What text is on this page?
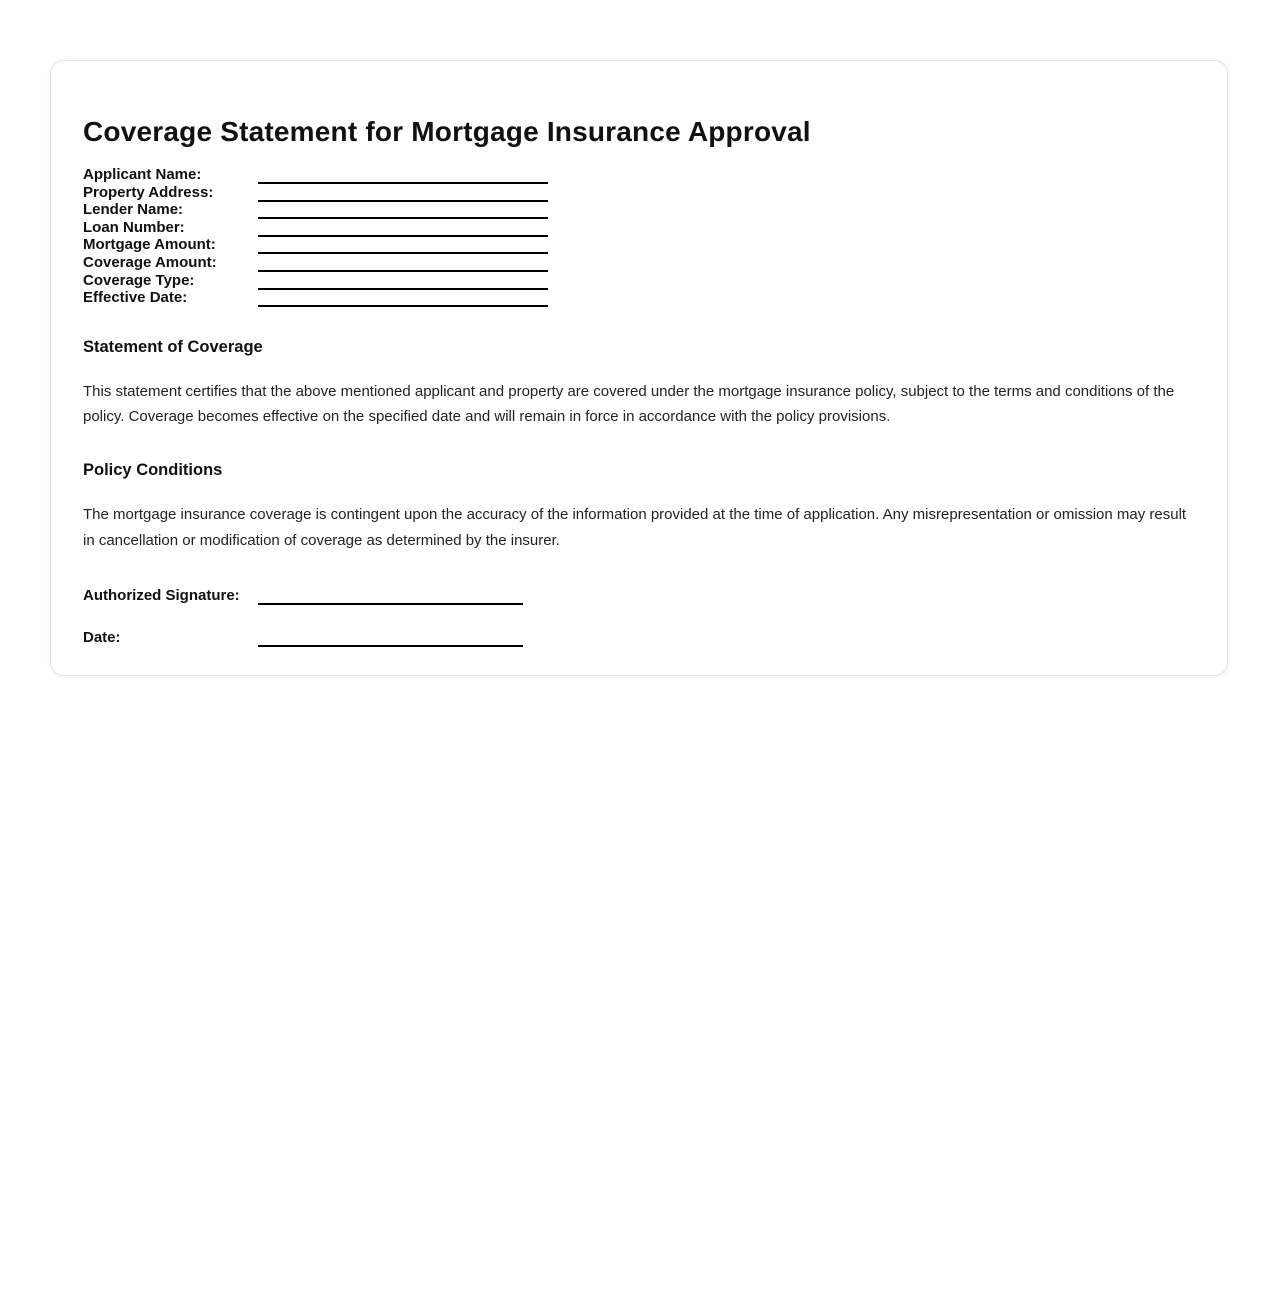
Coverage Statement for Mortgage Insurance Approval
Applicant Name:
Property Address:
Lender Name:
Loan Number:
Mortgage Amount:
Coverage Amount:
Coverage Type:
Effective Date:
Statement of Coverage

This statement certifies that the above mentioned applicant and property are covered under the mortgage insurance policy, subject to the terms and conditions of the policy. Coverage becomes effective on the specified date and will remain in force in accordance with the policy provisions.

Policy Conditions

The mortgage insurance coverage is contingent upon the accuracy of the information provided at the time of application. Any misrepresentation or omission may result in cancellation or modification of coverage as determined by the insurer.

Authorized Signature:
Date:
